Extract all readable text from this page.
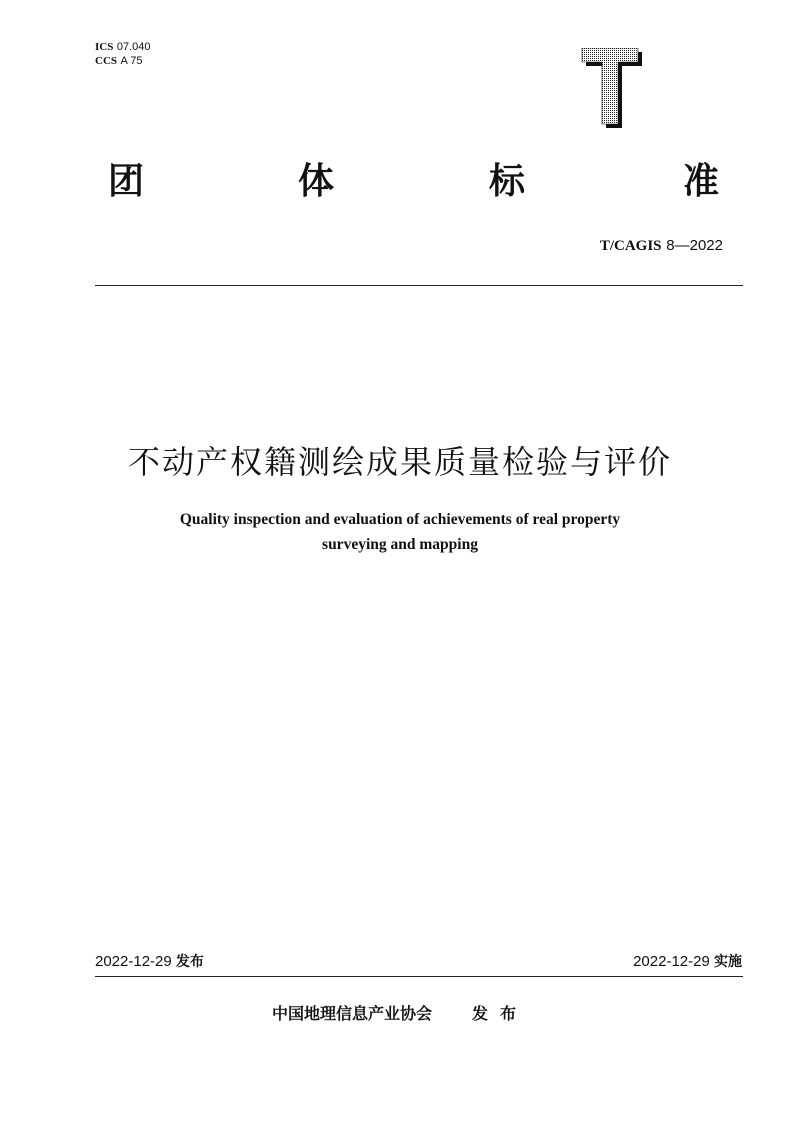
ICS 07.040
CCS A 75
团	体	标	准
T/CAGIS 8—2022
不动产权籍测绘成果质量检验与评价
Quality inspection and evaluation of achievements of real property
surveying and mapping
2022-12-29 发布	2022-12-29 实施
中国地理信息产业协会	发布
